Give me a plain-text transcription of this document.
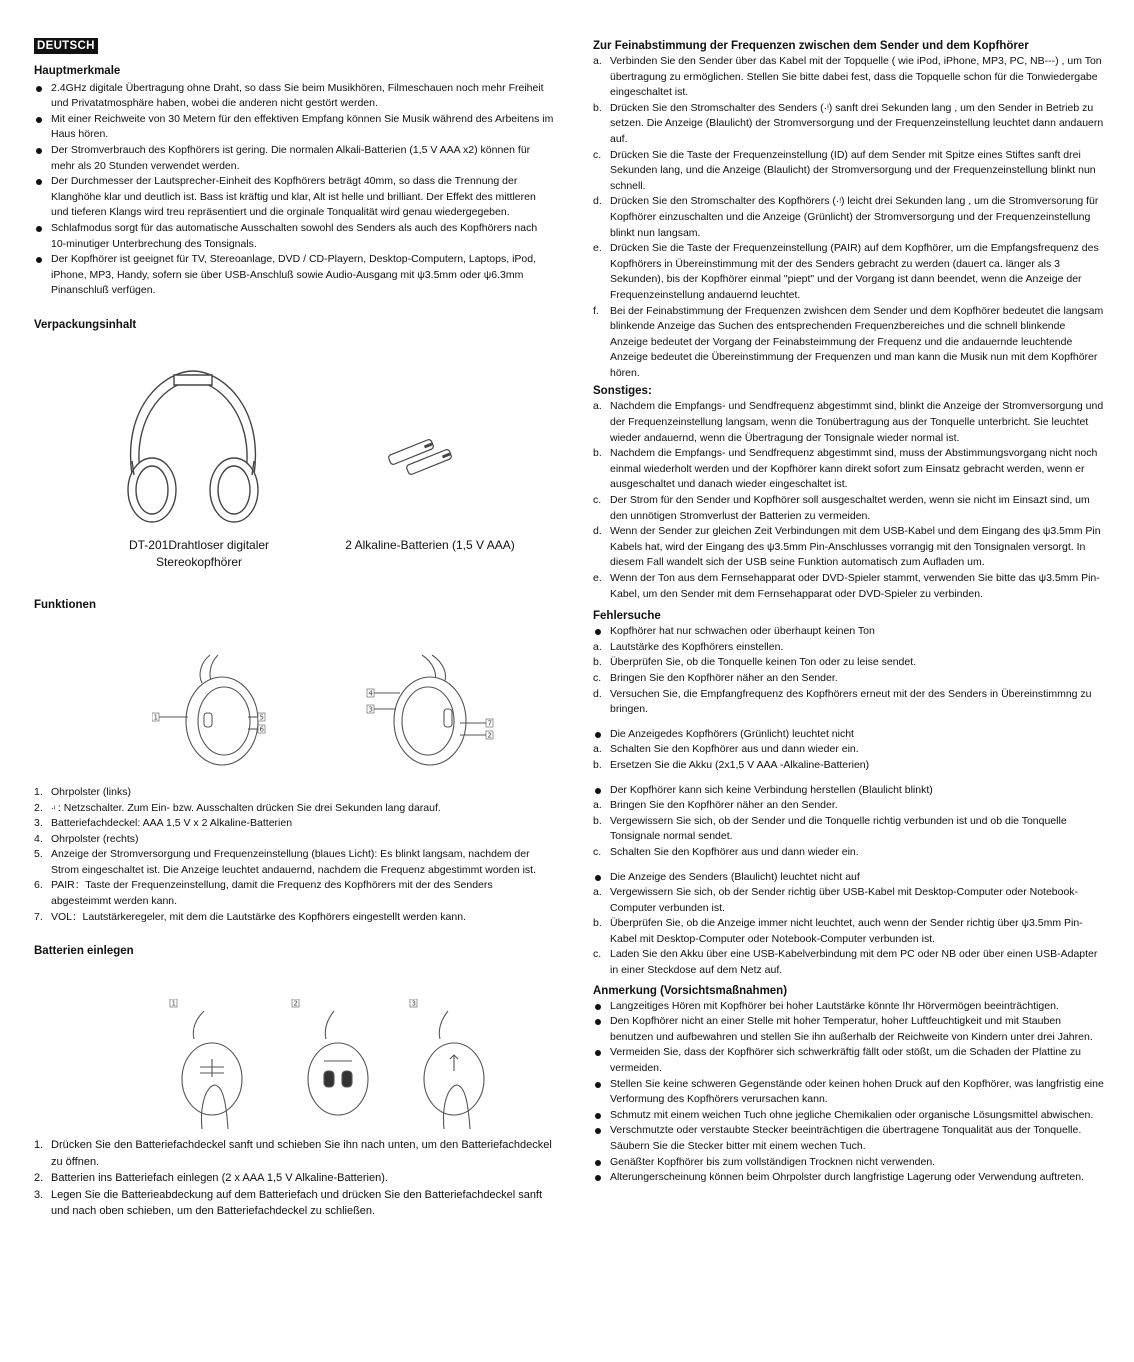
DEUTSCH
Hauptmerkmale
2.4GHz digitale Übertragung ohne Draht, so dass Sie beim Musikhören, Filmeschauen noch mehr Freiheit und Privatatmosphäre haben, wobei die anderen nicht gestört werden.
Mit einer Reichweite von 30 Metern für den effektiven Empfang können Sie Musik während des Arbeitens im Haus hören.
Der Stromverbrauch des Kopfhörers ist gering. Die normalen Alkali-Batterien (1,5 V AAA x2) können für mehr als 20 Stunden verwendet werden.
Der Durchmesser der Lautsprecher-Einheit des Kopfhörers beträgt 40mm, so dass die Trennung der Klanghöhe klar und deutlich ist. Bass ist kräftig und klar, Alt ist helle und brilliant. Der Effekt des mittleren und tieferen Klangs wird treu repräsentiert und die orginale Tonqualität wird genau wiedergegeben.
Schlafmodus sorgt für das automatische Ausschalten sowohl des Senders als auch des Kopfhörers nach 10-minutiger Unterbrechung des Tonsignals.
Der Kopfhörer ist geeignet für TV, Stereoanlage, DVD / CD-Playern, Desktop-Computern, Laptops, iPod, iPhone, MP3, Handy, sofern sie über USB-Anschluß sowie Audio-Ausgang mit ψ3.5mm oder ψ6.3mm Pinanschluß verfügen.
Verpackungsinhalt
DT-201Drahtloser digitaler
Stereokopfhörer
2 Alkaline-Batterien (1,5 V AAA)
Funktionen
1	5
6
4
3
7
2
1. Ohrpolster (links)
2. ·ᵎ : Netzschalter. Zum Ein- bzw. Ausschalten drücken Sie drei Sekunden lang darauf.
3. Batteriefachdeckel: AAA 1,5 V x 2 Alkaline-Batterien
4. Ohrpolster (rechts)
5. Anzeige der Stromversorgung und Frequenzeinstellung (blaues Licht): Es blinkt langsam, nachdem der Strom eingeschaltet ist. Die Anzeige leuchtet andauernd, nachdem die Frequenz abgestimmt worden ist.
6. PAIR：Taste der Frequenzeinstellung, damit die Frequenz des Kopfhörers mit der des Senders abgesteimmt werden kann.
7. VOL：Lautstärkeregeler, mit dem die Lautstärke des Kopfhörers eingestellt werden kann.
Batterien einlegen
1	2	3
1. Drücken Sie den Batteriefachdeckel sanft und schieben Sie ihn nach unten, um den Batteriefachdeckel zu öffnen.
2. Batterien ins Batteriefach einlegen (2 x AAA 1,5 V Alkaline-Batterien).
3. Legen Sie die Batterieabdeckung auf dem Batteriefach und drücken Sie den Batteriefachdeckel sanft und nach oben schieben, um den Batteriefachdeckel zu schließen.
Zur Feinabstimmung der Frequenzen zwischen dem Sender und dem Kopfhörer
a. Verbinden Sie den Sender über das Kabel mit der Topquelle ( wie iPod, iPhone, MP3, PC, NB---) , um Ton übertragung zu ermöglichen. Stellen Sie bitte dabei fest, dass die Topquelle schon für die Tonwiedergabe eingeschaltet ist.
b. Drücken Sie den Stromschalter des Senders (·ᵎ) sanft drei Sekunden lang , um den Sender in Betrieb zu setzen. Die Anzeige (Blaulicht) der Stromversorgung und der Frequenzeinstellung leuchtet dann andauern auf.
c. Drücken Sie die Taste der Frequenzeinstellung (ID) auf dem Sender mit Spitze eines Stiftes sanft drei Sekunden lang, und die Anzeige (Blaulicht) der Stromversorgung und der Frequenzeinstellung blinkt nun schnell.
d. Drücken Sie den Stromschalter des Kopfhörers (·ᵎ) leicht drei Sekunden lang , um die Stromversorung für Kopfhörer einzuschalten und die Anzeige (Grünlicht) der Stromversorgung und der Frequenzeinstellung blinkt nun langsam.
e. Drücken Sie die Taste der Frequenzeinstellung (PAIR) auf dem Kopfhörer, um die Empfangsfrequenz des Kopfhörers in Übereinstimmung mit der des Senders gebracht zu werden (dauert ca. länger als 3 Sekunden), bis der Kopfhörer einmal "piept" und der Vorgang ist dann beendet, wenn die Anzeige der Frequenzeinstellung andauernd leuchtet.
f. Bei der Feinabstimmung der Frequenzen zwishcen dem Sender und dem Kopfhörer bedeutet die langsam blinkende Anzeige das Suchen des entsprechenden Frequenzbereiches und die schnell blinkende Anzeige bedeutet der Vorgang der Feinabsteimmung der Frequenz und die andauernde leuchtende Anzeige bedeutet die Übereinstimmung der Frequenzen und man kann die Musik nun mit dem Kopfhörer hören.
Sonstiges:
a. Nachdem die Empfangs- und Sendfrequenz abgestimmt sind, blinkt die Anzeige der Stromversorgung und der Frequenzeinstellung langsam, wenn die Tonübertragung aus der Tonquelle unterbricht. Sie leuchtet wieder andauernd, wenn die Übertragung der Tonsignale wieder normal ist.
b. Nachdem die Empfangs- und Sendfrequenz abgestimmt sind, muss der Abstimmungsvorgang nicht noch einmal wiederholt werden und der Kopfhörer kann direkt sofort zum Einsatz gebracht werden, wenn er ausgeschaltet und danach wieder eingeschaltet ist.
c. Der Strom für den Sender und Kopfhörer soll ausgeschaltet werden, wenn sie nicht im Einsazt sind, um den unnötigen Stromverlust der Batterien zu vermeiden.
d. Wenn der Sender zur gleichen Zeit Verbindungen mit dem USB-Kabel und dem Eingang des ψ3.5mm Pin Kabels hat, wird der Eingang des ψ3.5mm Pin-Anschlusses vorrangig mit den Tonsignalen versorgt. In diesem Fall wandelt sich der USB seine Funktion automatisch zum Aufladen um.
e. Wenn der Ton aus dem Fernsehapparat oder DVD-Spieler stammt, verwenden Sie bitte das ψ3.5mm Pin-Kabel, um den Sender mit dem Fernsehapparat oder DVD-Spieler zu verbinden.
Fehlersuche
Kopfhörer hat nur schwachen oder überhaupt keinen Ton
a. Lautstärke des Kopfhörers einstellen.
b. Überprüfen Sie, ob die Tonquelle keinen Ton oder zu leise sendet.
c. Bringen Sie den Kopfhörer näher an den Sender.
d. Versuchen Sie, die Empfangfrequenz des Kopfhörers erneut mit der des Senders in Übereinstimmng zu bringen.
Die Anzeigedes Kopfhörers (Grünlicht) leuchtet nicht
a. Schalten Sie den Kopfhörer aus und dann wieder ein.
b. Ersetzen Sie die Akku (2x1,5 V AAA -Alkaline-Batterien)
Der Kopfhörer kann sich keine Verbindung herstellen (Blaulicht blinkt)
a. Bringen Sie den Kopfhörer näher an den Sender.
b. Vergewissern Sie sich, ob der Sender und die Tonquelle richtig verbunden ist und ob die Tonquelle Tonsignale normal sendet.
c. Schalten Sie den Kopfhörer aus und dann wieder ein.
Die Anzeige des Senders (Blaulicht) leuchtet nicht auf
a. Vergewissern Sie sich, ob der Sender richtig über USB-Kabel mit Desktop-Computer oder Notebook-Computer verbunden ist.
b. Überprüfen Sie, ob die Anzeige immer nicht leuchtet, auch wenn der Sender richtig über ψ3.5mm Pin-Kabel mit Desktop-Computer oder Notebook-Computer verbunden ist.
c. Laden Sie den Akku über eine USB-Kabelverbindung mit dem PC oder NB oder über einen USB-Adapter in einer Steckdose auf dem Netz auf.
Anmerkung (Vorsichtsmaßnahmen)
Langzeitiges Hören mit Kopfhörer bei hoher Lautstärke könnte Ihr Hörvermögen beeinträchtigen.
Den Kopfhörer nicht an einer Stelle mit hoher Temperatur, hoher Luftfeuchtigkeit und mit Stauben benutzen und aufbewahren und stellen Sie ihn außerhalb der Reichweite von Kindern unter drei Jahren.
Vermeiden Sie, dass der Kopfhörer sich schwerkräftig fällt oder stößt, um die Schaden der Plattine zu vermeiden.
Stellen Sie keine schweren Gegenstände oder keinen hohen Druck auf den Kopfhörer, was langfristig eine Verformung des Kopfhörers verursachen kann.
Schmutz mit einem weichen Tuch ohne jegliche Chemikalien oder organische Lösungsmittel abwischen.
Verschmutzte oder verstaubte Stecker beeinträchtigen die übertragene Tonqualität aus der Tonquelle. Säubern Sie die Stecker bitter mit einem wechen Tuch.
Genäßter Kopfhörer bis zum vollständigen Trocknen nicht verwenden.
Alterungerscheinung können beim Ohrpolster durch langfristige Lagerung oder Verwendung auftreten.
